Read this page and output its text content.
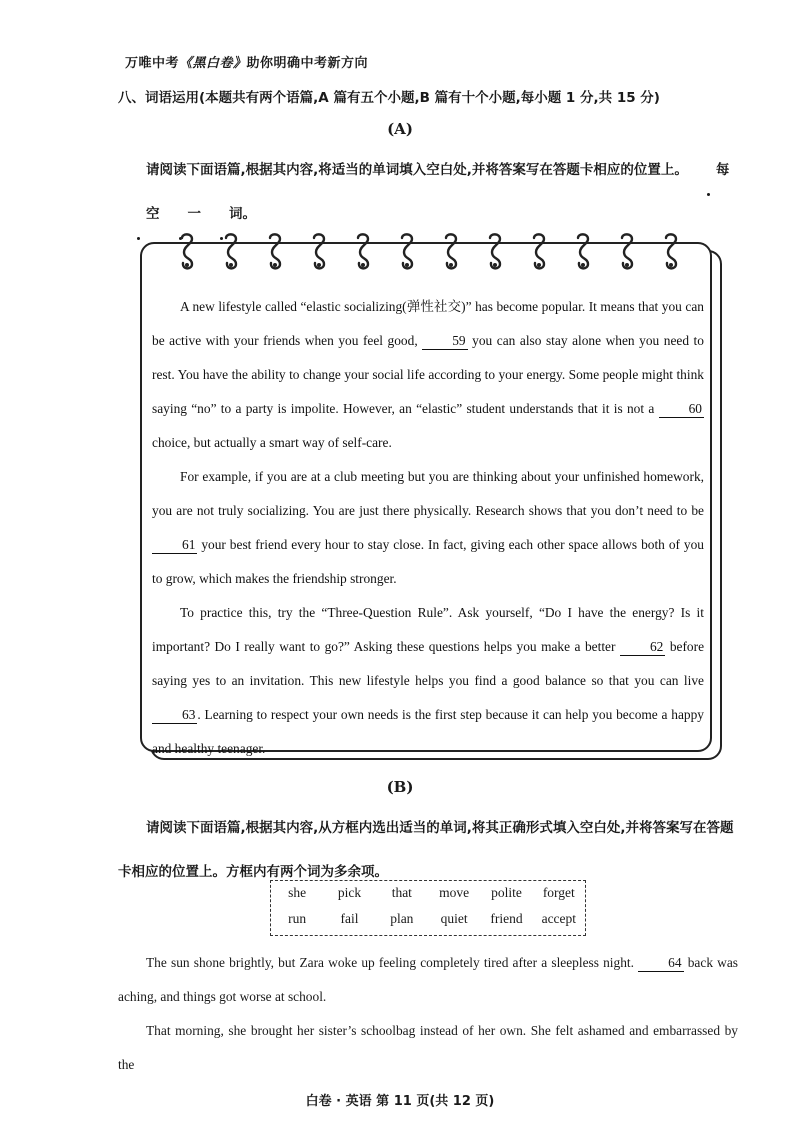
万唯中考《黑白卷》助你明确中考新方向
八、词语运用(本题共有两个语篇,A 篇有五个小题,B 篇有十个小题,每小题 1 分,共 15 分)
(A)
请阅读下面语篇,根据其内容,将适当的单词填入空白处,并将答案写在答题卡相应的位置上。 每空 一 词。

A new lifestyle called “elastic socializing(弹性社交)” has become popular. It means that you can be active with your friends when you feel good,	59 you can also stay alone when you need to rest. You have the ability to change your social life according to your energy. Some people might think saying “no” to a party is impolite. However, an “elastic” student understands that it is not a	60 choice, but actually a smart way of self-care.

For example, if you are at a club meeting but you are thinking about your unfinished homework, you are not truly socializing. You are just there physically. Research shows that you don’t need to be 61 your best friend every hour to stay close. In fact, giving each other space allows both of you to grow, which makes the friendship stronger.

To practice this, try the “Three-Question Rule”. Ask yourself, “Do I have the energy? Is it important? Do I really want to go?” Asking these questions helps you make a better	62 before saying yes to an invitation. This new lifestyle helps you find a good balance so that you can live 63 . Learning to respect your own needs is the first step because it can help you become a happy and healthy teenager.

(B)
请阅读下面语篇,根据其内容,从方框内选出适当的单词,将其正确形式填入空白处,并将答案写在答题卡相应的位置上。方框内有两个词为多余项。
she	pick	that	move	polite	forget
run	fail	plan	quiet	friend	accept

The sun shone brightly, but Zara woke up feeling completely tired after a sleepless night.	64 back was aching, and things got worse at school.

That morning, she brought her sister’s schoolbag instead of her own. She felt ashamed and embarrassed by the

白卷 · 英语 第 11 页(共 12 页)
